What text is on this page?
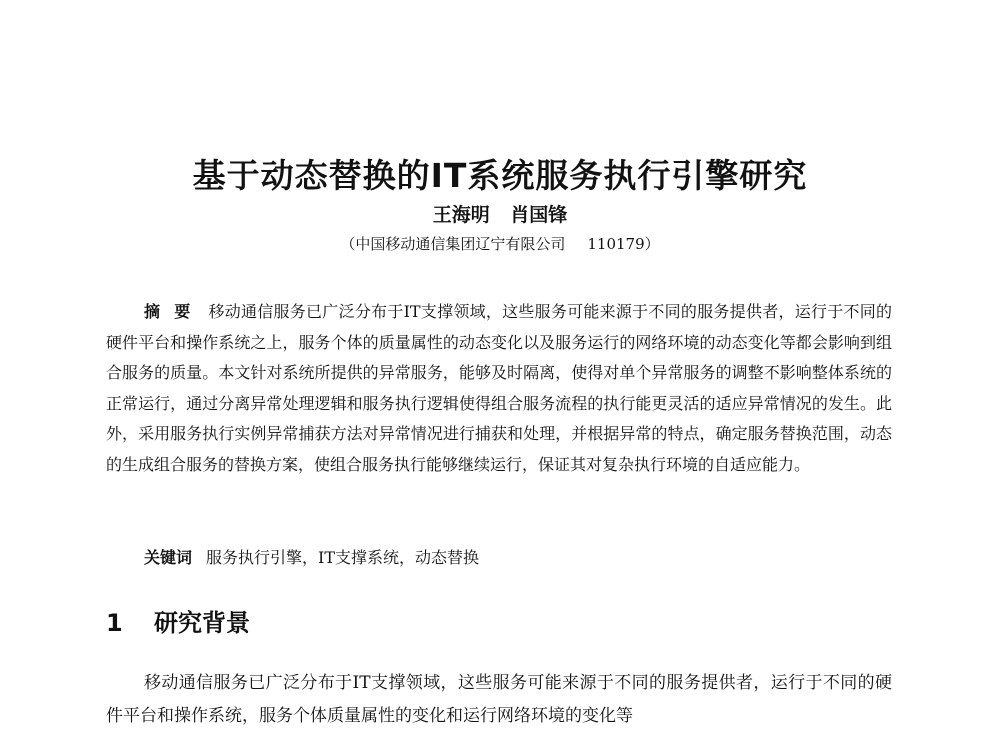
基于动态替换的IT系统服务执行引擎研究
王海明 肖国锋
（中国移动通信集团辽宁有限公司 110179）

摘要 移动通信服务已广泛分布于IT支撑领域，这些服务可能来源于不同的服务提供者，运行于不同的硬件平台和操作系统之上，服务个体的质量属性的动态变化以及服务运行的网络环境的动态变化等都会影响到组合服务的质量。本文针对系统所提供的异常服务，能够及时隔离，使得对单个异常服务的调整不影响整体系统的正常运行，通过分离异常处理逻辑和服务执行逻辑使得组合服务流程的执行能更灵活的适应异常情况的发生。此外，采用服务执行实例异常捕获方法对异常情况进行捕获和处理，并根据异常的特点，确定服务替换范围，动态的生成组合服务的替换方案，使组合服务执行能够继续运行，保证其对复杂执行环境的自适应能力。

关键词 服务执行引擎，IT支撑系统，动态替换
1 研究背景

移动通信服务已广泛分布于IT支撑领域，这些服务可能来源于不同的服务提供者，运行于不同的硬件平台和操作系统，服务个体质量属性的变化和运行网络环境的变化等
